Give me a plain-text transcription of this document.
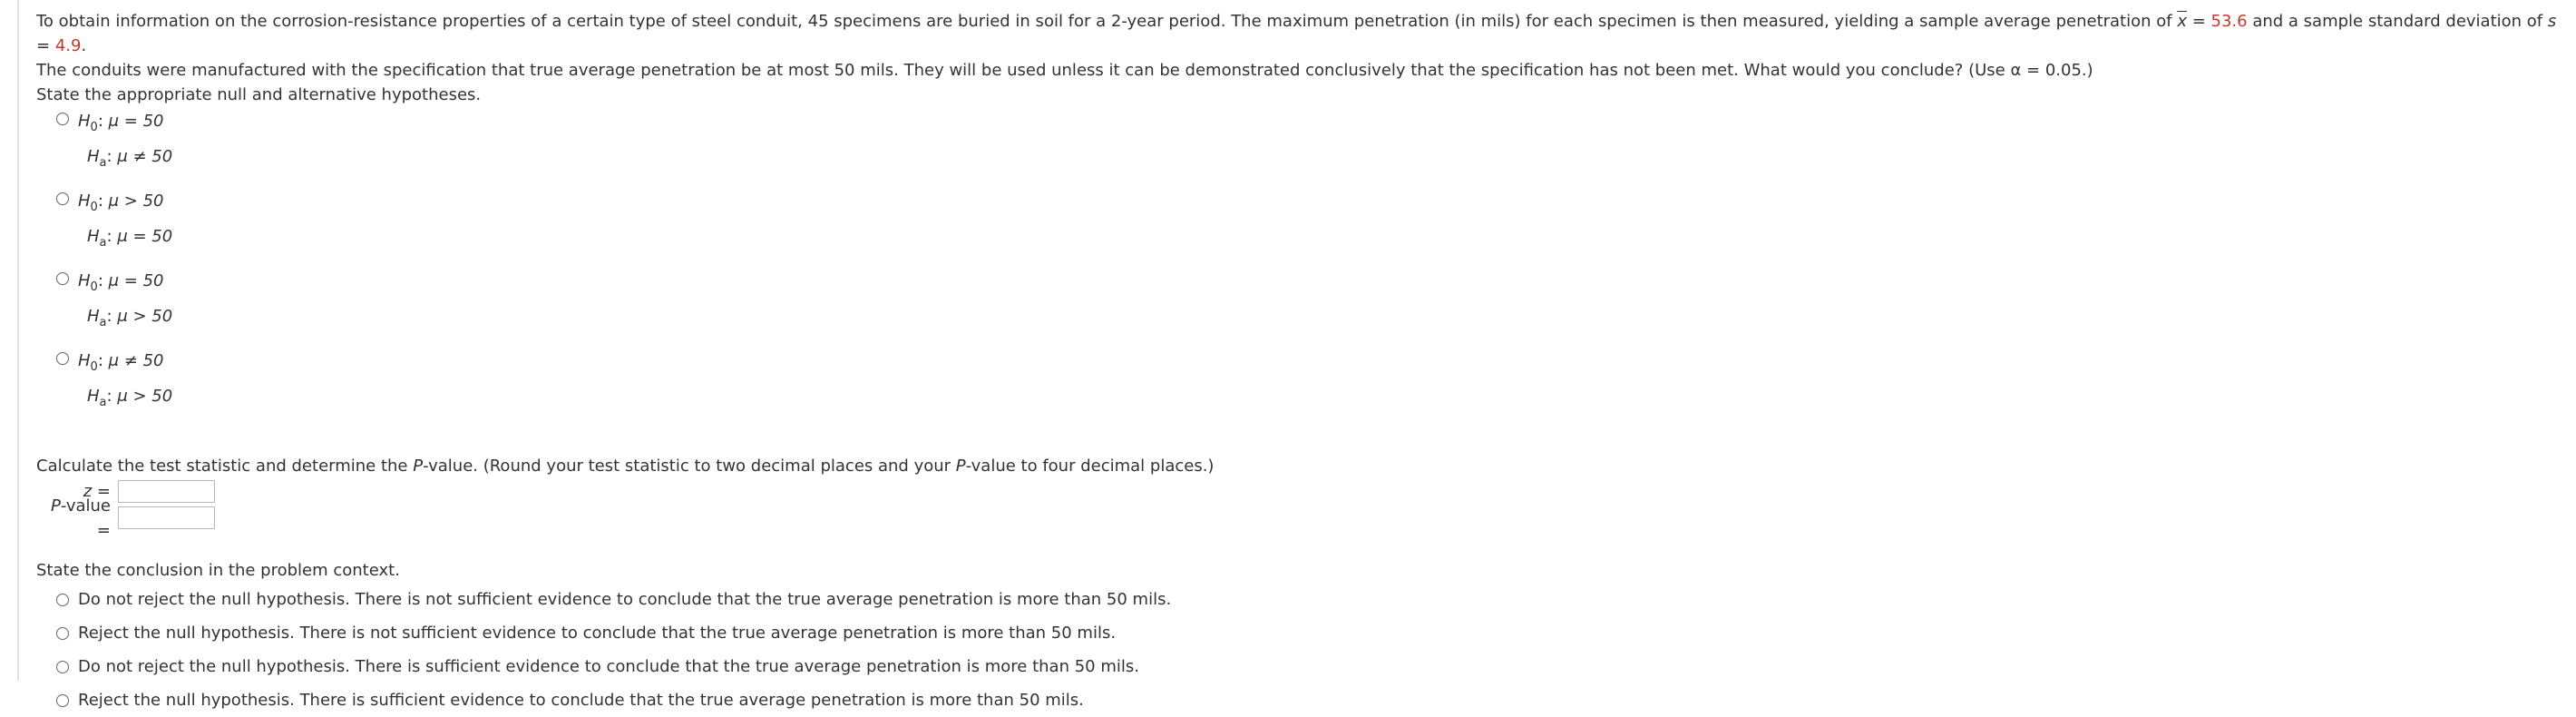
To obtain information on the corrosion-resistance properties of a certain type of steel conduit, 45 specimens are buried in soil for a 2-year period. The maximum penetration (in mils) for each specimen is then measured, yielding a sample average penetration of $\overline{x} = 53.6$ and a sample standard deviation of s = 4.9.
The conduits were manufactured with the specification that true average penetration be at most 50 mils. They will be used unless it can be demonstrated conclusively that the specification has not been met. What would you conclude? (Use α = 0.05.)

State the appropriate null and alternative hypotheses.

$H_0$: μ = 50
$H_a$: μ ≠ 50
$H_0$: μ > 50
$H_a$: μ = 50
$H_0$: μ = 50
$H_a$: μ > 50
$H_0$: μ ≠ 50
$H_a$: μ > 50

Calculate the test statistic and determine the P-value. (Round your test statistic to two decimal places and your P-value to four decimal places.)

z =
P-value =

State the conclusion in the problem context.

Do not reject the null hypothesis. There is not sufficient evidence to conclude that the true average penetration is more than 50 mils.
Reject the null hypothesis. There is not sufficient evidence to conclude that the true average penetration is more than 50 mils.
Do not reject the null hypothesis. There is sufficient evidence to conclude that the true average penetration is more than 50 mils.
Reject the null hypothesis. There is sufficient evidence to conclude that the true average penetration is more than 50 mils.
